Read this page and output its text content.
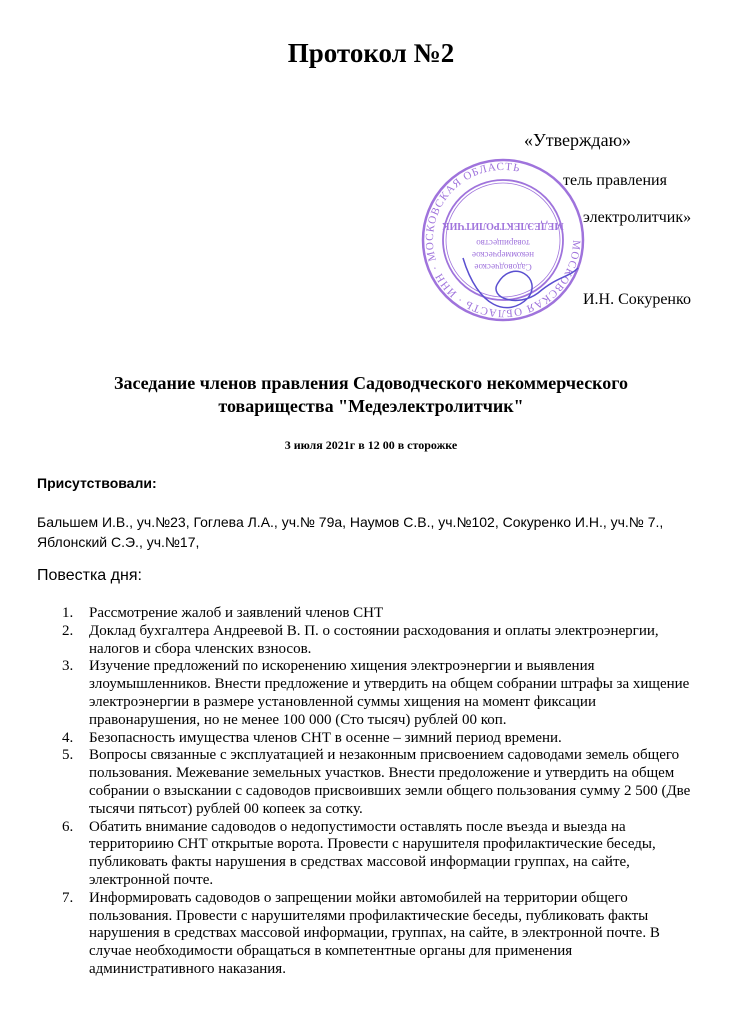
Протокол №2
«Утверждаю»
тель правления
электролитчик»
И.Н. Сокуренко
МОСКОВСКАЯ ОБЛАСТЬ · ИНН · МОСКОВСКАЯ ОБЛАСТЬ
Садоводческое
некоммерческое
товарищество
МЕДЕЭЛЕКТРОЛИТЧИК
Заседание членов правления Садоводческого некоммерческого
товарищества "Медеэлектролитчик"
3 июля 2021г в 12 00 в сторожке
Присутствовали:
Бальшем И.В., уч.№23, Гоглева Л.А., уч.№ 79а, Наумов С.В., уч.№102, Сокуренко И.Н., уч.№ 7.,
Яблонский С.Э., уч.№17,
Повестка дня:
1. Рассмотрение жалоб и заявлений членов СНТ
2. Доклад бухгалтера Андреевой В. П. о состоянии расходования и оплаты электроэнергии, налогов и сбора членских взносов.
3. Изучение предложений по искоренению хищения электроэнергии и выявления злоумышленников. Внести предложение и утвердить на общем собрании штрафы за хищение электроэнергии в размере установленной суммы хищения на момент фиксации правонарушения, но не менее 100 000 (Сто тысяч) рублей 00 коп.
4. Безопасность имущества членов СНТ в осенне – зимний период времени.
5. Вопросы связанные с эксплуатацией и незаконным присвоением садоводами земель общего пользования. Межевание земельных участков. Внести предоложение и утвердить на общем собрании о взыскании с садоводов присвоивших земли общего пользования сумму 2 500 (Две тысячи пятьсот) рублей 00 копеек за сотку.
6. Обатить внимание садоводов о недопустимости оставлять после въезда и выезда на территориию СНТ открытые ворота. Провести с нарушителя профилактические беседы, публиковать факты нарушения в средствах массовой информации группах, на сайте, электронной почте.
7. Информировать садоводов о запрещении мойки автомобилей на территории общего пользования. Провести с нарушителями профилактические беседы, публиковать факты нарушения в средствах массовой информации, группах, на сайте, в электронной почте. В случае необходимости обращаться в компетентные органы для применения административного наказания.
